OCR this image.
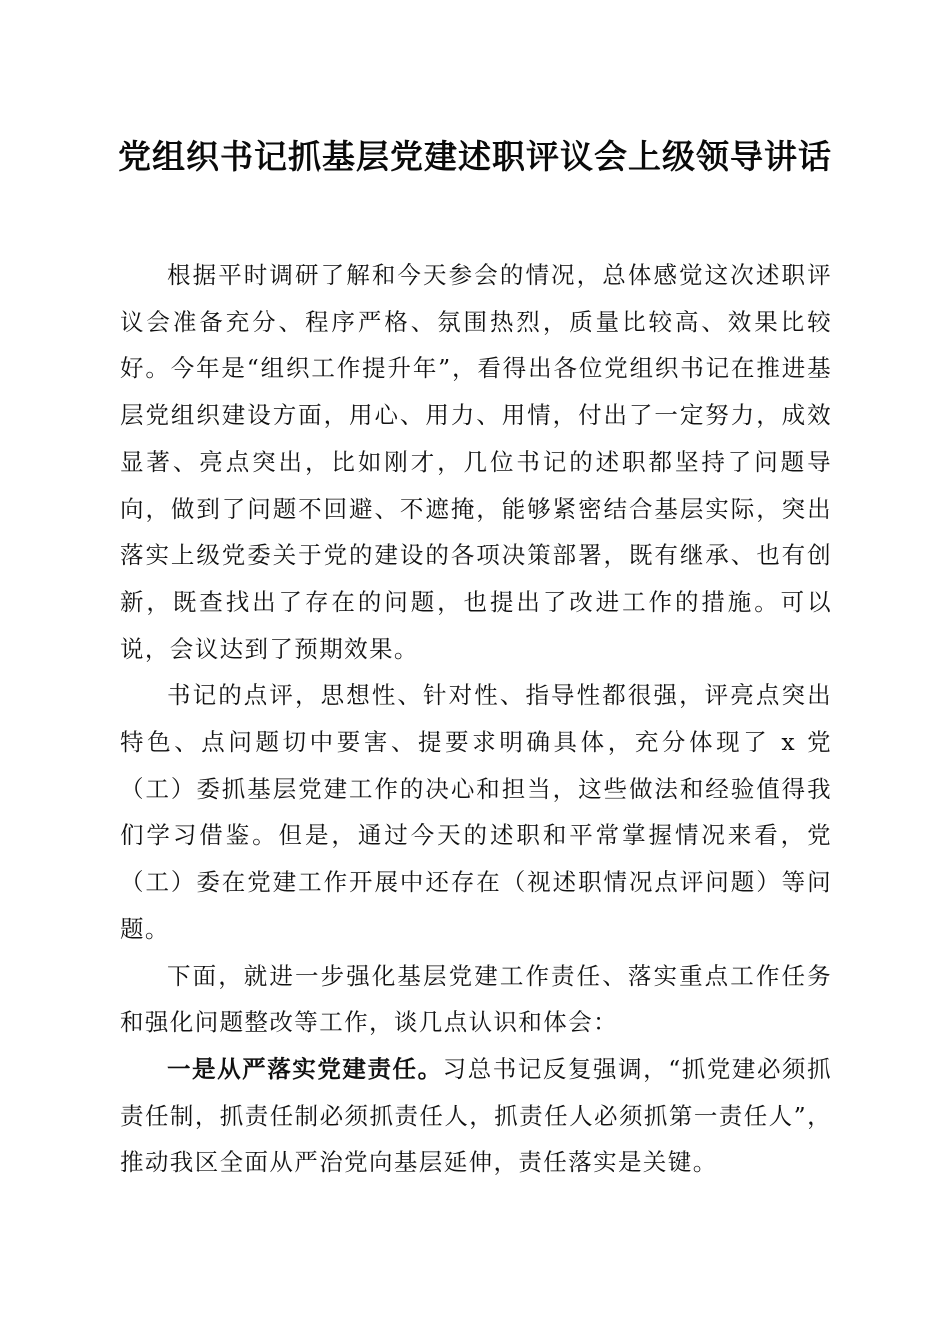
党组织书记抓基层党建述职评议会上级领导讲话

根据平时调研了解和今天参会的情况，总体感觉这次述职评议会准备充分、程序严格、氛围热烈，质量比较高、效果比较好。今年是“组织工作提升年”，看得出各位党组织书记在推进基层党组织建设方面，用心、用力、用情，付出了一定努力，成效显著、亮点突出，比如刚才，几位书记的述职都坚持了问题导向，做到了问题不回避、不遮掩，能够紧密结合基层实际，突出落实上级党委关于党的建设的各项决策部署，既有继承、也有创新，既查找出了存在的问题，也提出了改进工作的措施。可以说，会议达到了预期效果。

书记的点评，思想性、针对性、指导性都很强，评亮点突出特色、点问题切中要害、提要求明确具体，充分体现了 x 党（工）委抓基层党建工作的决心和担当，这些做法和经验值得我们学习借鉴。但是，通过今天的述职和平常掌握情况来看，党（工）委在党建工作开展中还存在（视述职情况点评问题）等问题。

下面，就进一步强化基层党建工作责任、落实重点工作任务和强化问题整改等工作，谈几点认识和体会：

一是从严落实党建责任。习总书记反复强调，“抓党建必须抓责任制，抓责任制必须抓责任人，抓责任人必须抓第一责任人”，推动我区全面从严治党向基层延伸，责任落实是关键。
